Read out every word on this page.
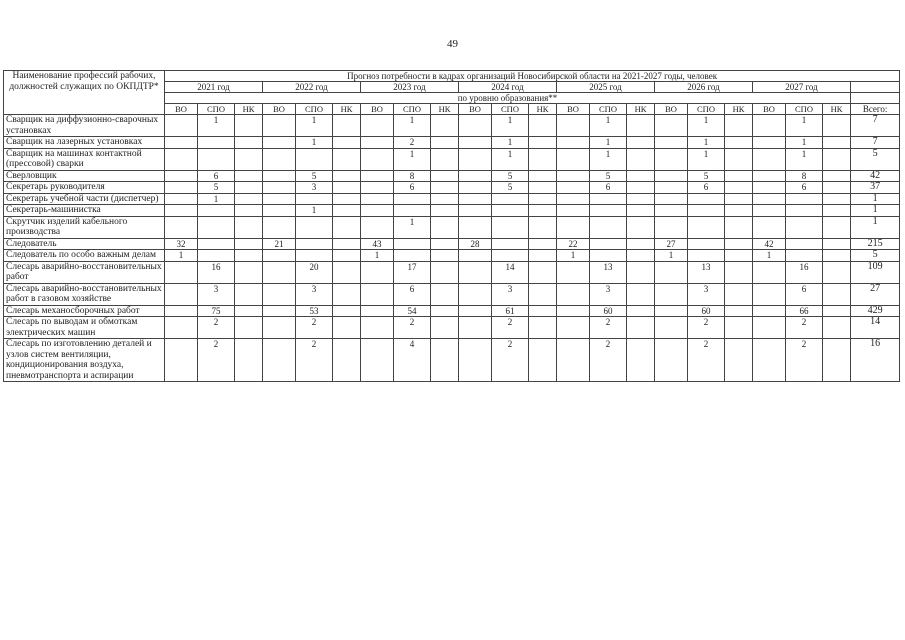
49
Наименование профессий рабочих, должностей служащих по ОКПДТР*	Прогноз потребности в кадрах организаций Новосибирской области на 2021-2027 годы, человек																					
	2021 год			2022 год			2023 год			2024 год			2025 год			2026 год			2027 год			
	по уровню образования**																					
	ВО	СПО	НК	ВО	СПО	НК	ВО	СПО	НК	ВО	СПО	НК	ВО	СПО	НК	ВО	СПО	НК	ВО	СПО	НК	Всего:
Сварщик на диффузионно-сварочных установках		1			1			1			1			1			1			1		7
Сварщик на лазерных установках					1			2			1			1			1			1		7
Сварщик на машинах контактной (прессовой) сварки								1			1			1			1			1		5
Сверловщик		6			5			8			5			5			5			8		42
Секретарь руководителя		5			3			6			5			6			6			6		37
Секретарь учебной части (диспетчер)		1																				1
Секретарь-машинистка					1																	1
Скрутчик изделий кабельного производства								1														1
Следователь	32			21			43			28			22			27			42			215
Следователь по особо важным делам	1						1						1			1			1			5
Слесарь аварийно-восстановительных работ		16			20			17			14			13			13			16		109
Слесарь аварийно-восстановительных работ в газовом хозяйстве		3			3			6			3			3			3			6		27
Слесарь механосборочных работ		75			53			54			61			60			60			66		429
Слесарь по выводам и обмоткам электрических машин		2			2			2			2			2			2			2		14
Слесарь по изготовлению деталей и узлов систем вентиляции, кондиционирования воздуха, пневмотранспорта и аспирации		2			2			4			2			2			2			2		16
